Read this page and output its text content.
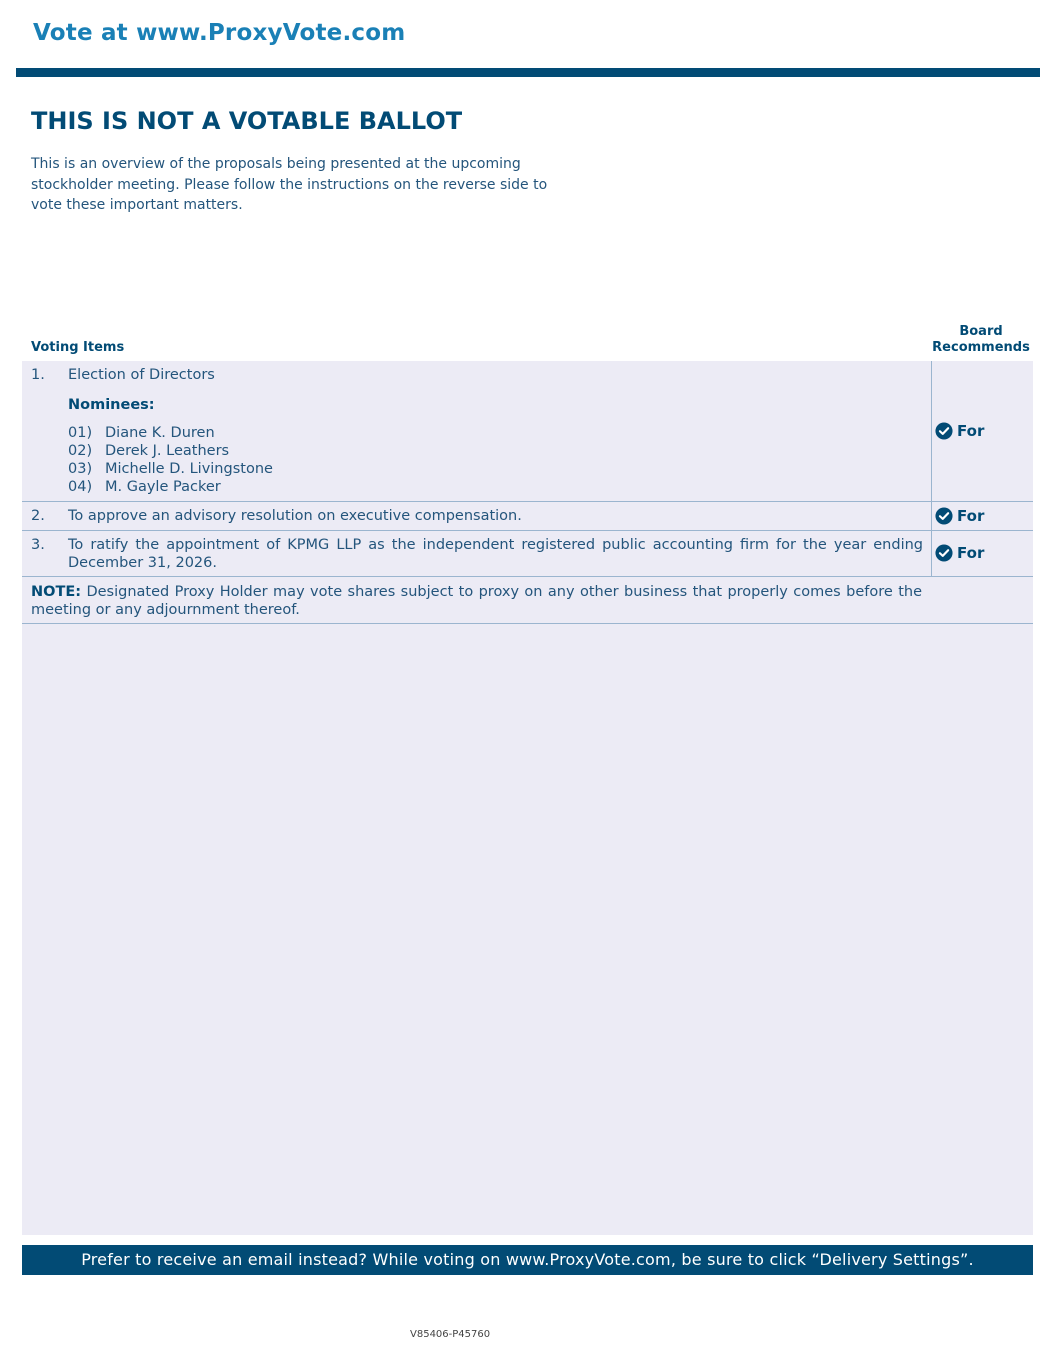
Vote at www.ProxyVote.com
THIS IS NOT A VOTABLE BALLOT
This is an overview of the proposals being presented at the upcoming stockholder meeting. Please follow the instructions on the reverse side to vote these important matters.
Voting Items
Board
Recommends
1. Election of Directors
Nominees:
01) Diane K. Duren
02) Derek J. Leathers
03) Michelle D. Livingstone
04) M. Gayle Packer
For
2. To approve an advisory resolution on executive compensation.	For
3. To ratify the appointment of KPMG LLP as the independent registered public accounting firm for the year ending
December 31, 2026.
For
NOTE: Designated Proxy Holder may vote shares subject to proxy on any other business that properly comes before the meeting or any adjournment thereof.
Prefer to receive an email instead? While voting on www.ProxyVote.com, be sure to click “Delivery Settings”.
V85406-P45760
